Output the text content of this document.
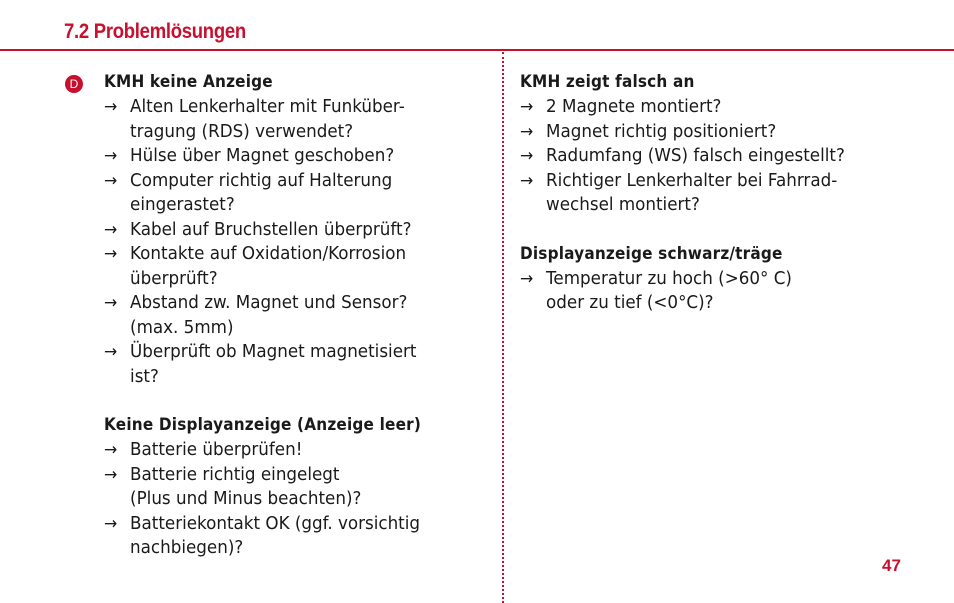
7.2 Problemlösungen
D KMH keine Anzeige
→ Alten Lenkerhalter mit Funküber-
tragung (RDS) verwendet?
→ Hülse über Magnet geschoben?
→ Computer richtig auf Halterung
eingerastet?
→ Kabel auf Bruchstellen überprüft?
→ Kontakte auf Oxidation/Korrosion
überprüft?
→ Abstand zw. Magnet und Sensor?
(max. 5mm)
→ Überprüft ob Magnet magnetisiert
ist?
Keine Displayanzeige (Anzeige leer)
→ Batterie überprüfen!
→ Batterie richtig eingelegt
(Plus und Minus beachten)?
→ Batteriekontakt OK (ggf. vorsichtig
nachbiegen)?
KMH zeigt falsch an
→ 2 Magnete montiert?
→ Magnet richtig positioniert?
→ Radumfang (WS) falsch eingestellt?
→ Richtiger Lenkerhalter bei Fahrrad-
wechsel montiert?
Displayanzeige schwarz/träge
→ Temperatur zu hoch (>60° C)
oder zu tief (<0°C)?
47
